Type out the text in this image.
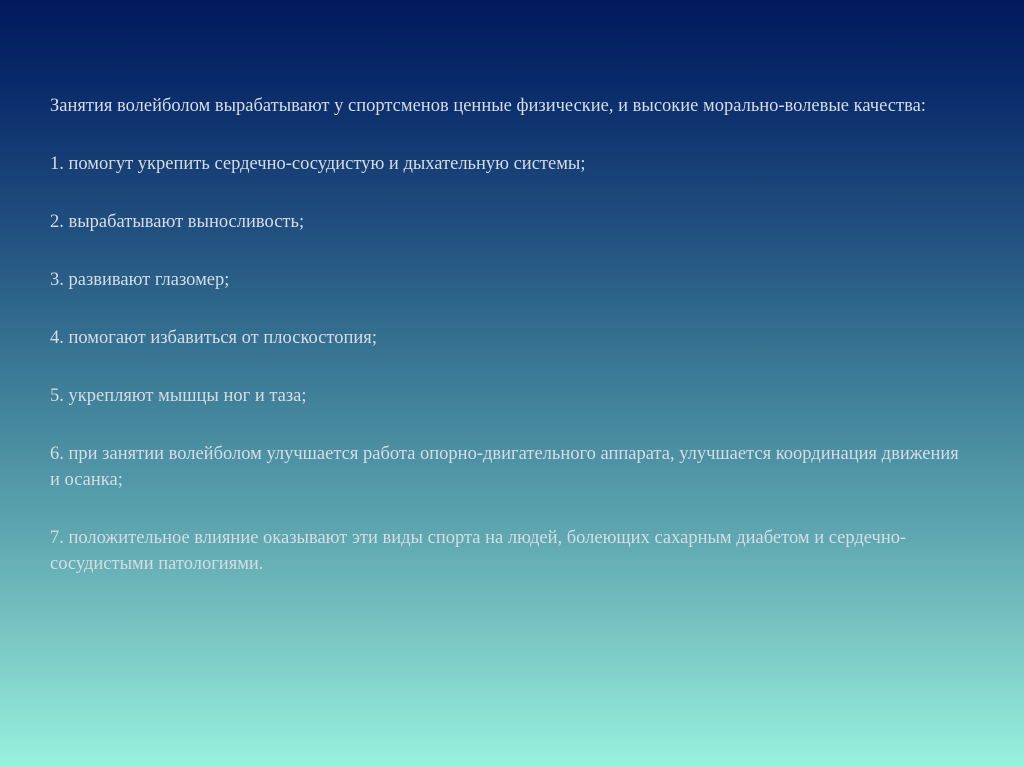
Занятия волейболом вырабатывают у спортсменов ценные физические, и высокие морально-волевые качества:

1. помогут укрепить сердечно-сосудистую и дыхательную системы;

2. вырабатывают выносливость;

3. развивают глазомер;

4. помогают избавиться от плоскостопия;

5. укрепляют мышцы ног и таза;

6. при занятии волейболом улучшается работа опорно-двигательного аппарата, улучшается координация движения и осанка;

7. положительное влияние оказывают эти виды спорта на людей, болеющих сахарным диабетом и сердечно-сосудистыми патологиями.
